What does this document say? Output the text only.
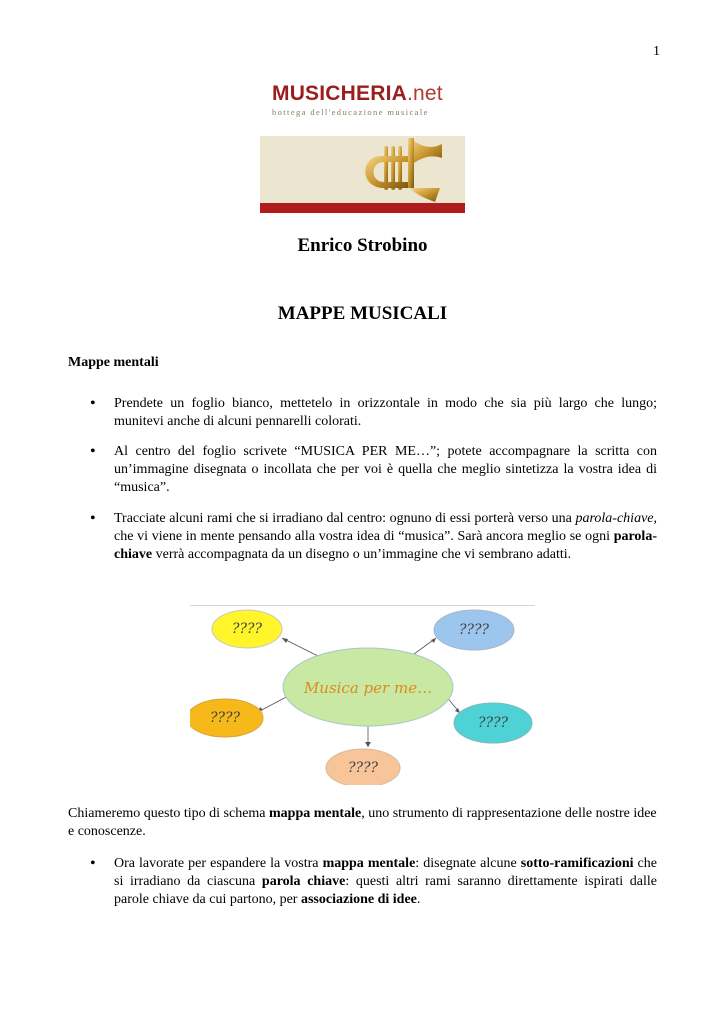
1
MUSICHERIA.net
bottega dell'educazione musicale
Enrico Strobino
MAPPE MUSICALI
Mappe mentali
• Prendete un foglio bianco, mettetelo in orizzontale in modo che sia più largo che lungo; munitevi anche di alcuni pennarelli colorati.
• Al centro del foglio scrivete “MUSICA PER ME…”; potete accompagnare la scritta con un’immagine disegnata o incollata che per voi è quella che meglio sintetizza la vostra idea di “musica”.
• Tracciate alcuni rami che si irradiano dal centro: ognuno di essi porterà verso una parola-chiave, che vi viene in mente pensando alla vostra idea di “musica”. Sarà ancora meglio se ogni parola-chiave verrà accompagnata da un disegno o un’immagine che vi sembrano adatti.
Musica per me…
????	????
????	????
????
Chiameremo questo tipo di schema mappa mentale, uno strumento di rappresentazione delle nostre idee e conoscenze.
• Ora lavorate per espandere la vostra mappa mentale: disegnate alcune sotto-ramificazioni che si irradiano da ciascuna parola chiave: questi altri rami saranno direttamente ispirati dalle parole chiave da cui partono, per associazione di idee.
